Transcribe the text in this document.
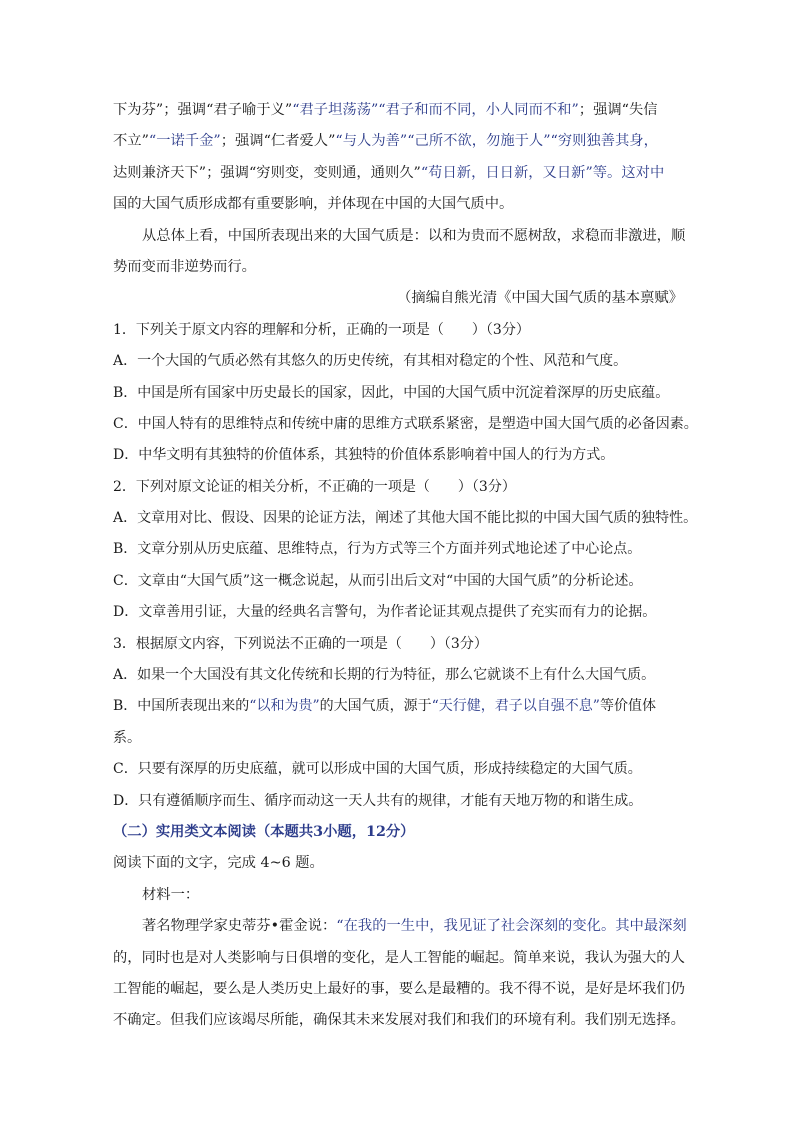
下为芬”；强调“君子喻于义”“君子坦荡荡”“君子和而不同，小人同而不和”；强调“失信
不立”“一诺千金”；强调“仁者爱人”“与人为善”“己所不欲，勿施于人”“穷则独善其身，
达则兼济天下”；强调“穷则变，变则通，通则久”“苟日新，日日新，又日新”等。这对中
国的大国气质形成都有重要影响，并体现在中国的大国气质中。
从总体上看，中国所表现出来的大国气质是：以和为贵而不愿树敌，求稳而非激进，顺
势而变而非逆势而行。
（摘编自熊光清《中国大国气质的基本禀赋》
1．下列关于原文内容的理解和分析，正确的一项是（　　）（3分）
A．一个大国的气质必然有其悠久的历史传统，有其相对稳定的个性、风范和气度。
B．中国是所有国家中历史最长的国家，因此，中国的大国气质中沉淀着深厚的历史底蕴。
C．中国人特有的思维特点和传统中庸的思维方式联系紧密，是塑造中国大国气质的必备因素。
D．中华文明有其独特的价值体系，其独特的价值体系影响着中国人的行为方式。
2．下列对原文论证的相关分析，不正确的一项是（　　）（3分）
A．文章用对比、假设、因果的论证方法，阐述了其他大国不能比拟的中国大国气质的独特性。
B．文章分别从历史底蕴、思维特点，行为方式等三个方面并列式地论述了中心论点。
C．文章由“大国气质”这一概念说起，从而引出后文对“中国的大国气质”的分析论述。
D．文章善用引证，大量的经典名言警句，为作者论证其观点提供了充实而有力的论据。
3．根据原文内容，下列说法不正确的一项是（　　）（3分）
A．如果一个大国没有其文化传统和长期的行为特征，那么它就谈不上有什么大国气质。
B．中国所表现出来的“以和为贵”的大国气质，源于“天行健，君子以自强不息”等价值体
系。
C．只要有深厚的历史底蕴，就可以形成中国的大国气质，形成持续稳定的大国气质。
D．只有遵循顺序而生、循序而动这一天人共有的规律，才能有天地万物的和谐生成。
（二）实用类文本阅读（本题共3小题，12分）
阅读下面的文字，完成 4~6 题。
材料一：
著名物理学家史蒂芬•霍金说：“在我的一生中，我见证了社会深刻的变化。其中最深刻
的，同时也是对人类影响与日俱增的变化，是人工智能的崛起。简单来说，我认为强大的人
工智能的崛起，要么是人类历史上最好的事，要么是最糟的。我不得不说，是好是坏我们仍
不确定。但我们应该竭尽所能，确保其未来发展对我们和我们的环境有利。我们别无选择。
